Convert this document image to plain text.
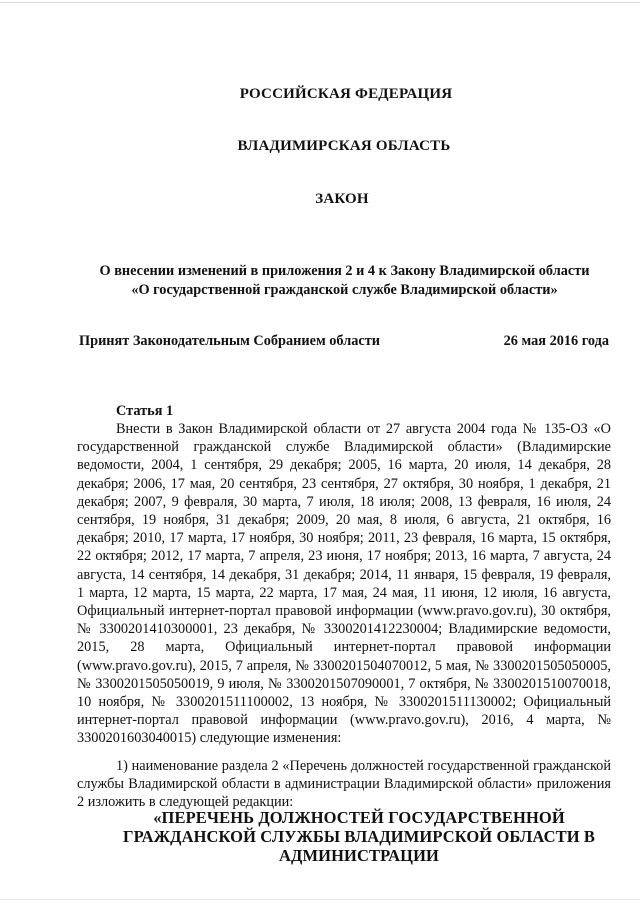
РОССИЙСКАЯ ФЕДЕРАЦИЯ
ВЛАДИМИРСКАЯ ОБЛАСТЬ
ЗАКОН
О внесении изменений в приложения 2 и 4 к Закону Владимирской области
«О государственной гражданской службе Владимирской области»
Принят Законодательным Собранием области	26 мая 2016 года
Статья 1
Внести в Закон Владимирской области от 27 августа 2004 года № 135-ОЗ «О государственной гражданской службе Владимирской области» (Владимирские ведомости, 2004, 1 сентября, 29 декабря; 2005, 16 марта, 20 июля, 14 декабря, 28 декабря; 2006, 17 мая, 20 сентября, 23 сентября, 27 октября, 30 ноября, 1 декабря, 21 декабря; 2007, 9 февраля, 30 марта, 7 июля, 18 июля; 2008, 13 февраля, 16 июля, 24 сентября, 19 ноября, 31 декабря; 2009, 20 мая, 8 июля, 6 августа, 21 октября, 16 декабря; 2010, 17 марта, 17 ноября, 30 ноября; 2011, 23 февраля, 16 марта, 15 октября, 22 октября; 2012, 17 марта, 7 апреля, 23 июня, 17 ноября; 2013, 16 марта, 7 августа, 24 августа, 14 сентября, 14 декабря, 31 декабря; 2014, 11 января, 15 февраля, 19 февраля, 1 марта, 12 марта, 15 марта, 22 марта, 17 мая, 24 мая, 11 июня, 12 июля, 16 августа, Официальный интернет-портал правовой информации (www.pravo.gov.ru), 30 октября, № 3300201410300001, 23 декабря, № 3300201412230004; Владимирские ведомости, 2015, 28 марта, Официальный интернет-портал правовой информации (www.pravo.gov.ru), 2015, 7 апреля, № 3300201504070012, 5 мая, № 3300201505050005, № 3300201505050019, 9 июля, № 3300201507090001, 7 октября, № 3300201510070018, 10 ноября, № 3300201511100002, 13 ноября, № 3300201511130002; Официальный интернет-портал правовой информации (www.pravo.gov.ru), 2016, 4 марта, № 3300201603040015) следующие изменения:
1) наименование раздела 2 «Перечень должностей государственной гражданской службы Владимирской области в администрации Владимирской области» приложения 2 изложить в следующей редакции:
«ПЕРЕЧЕНЬ ДОЛЖНОСТЕЙ ГОСУДАРСТВЕННОЙ ГРАЖДАНСКОЙ СЛУЖБЫ ВЛАДИМИРСКОЙ ОБЛАСТИ В АДМИНИСТРАЦИИ
